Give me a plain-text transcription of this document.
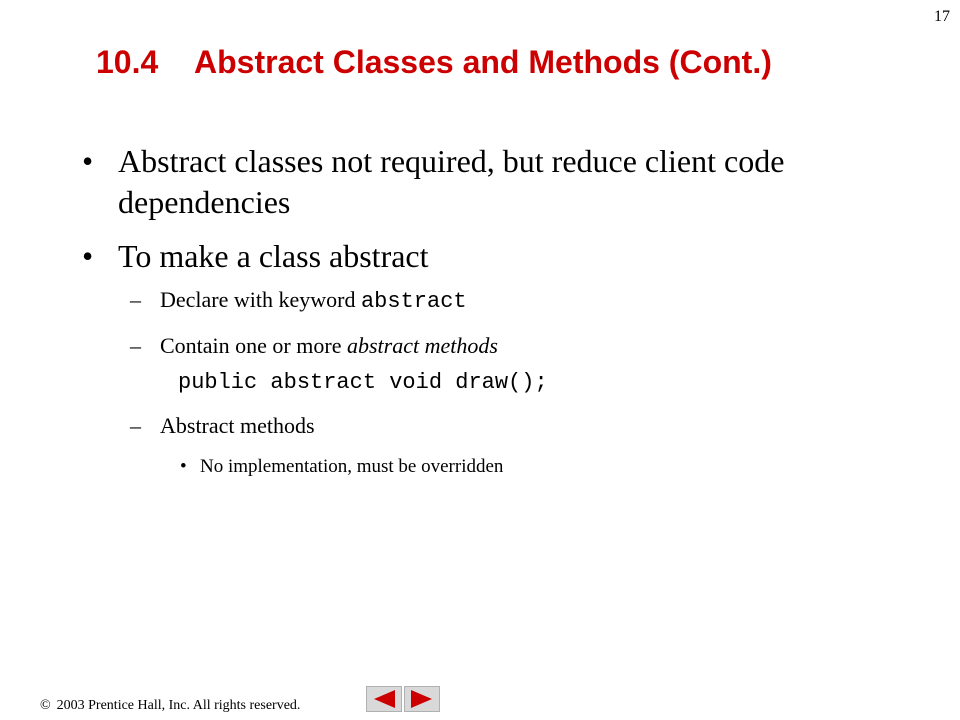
17
10.4 Abstract Classes and Methods (Cont.)
• Abstract classes not required, but reduce client code dependencies
• To make a class abstract
– Declare with keyword abstract
– Contain one or more abstract methods
public abstract void draw();
– Abstract methods
• No implementation, must be overridden
© 2003 Prentice Hall, Inc. All rights reserved.
